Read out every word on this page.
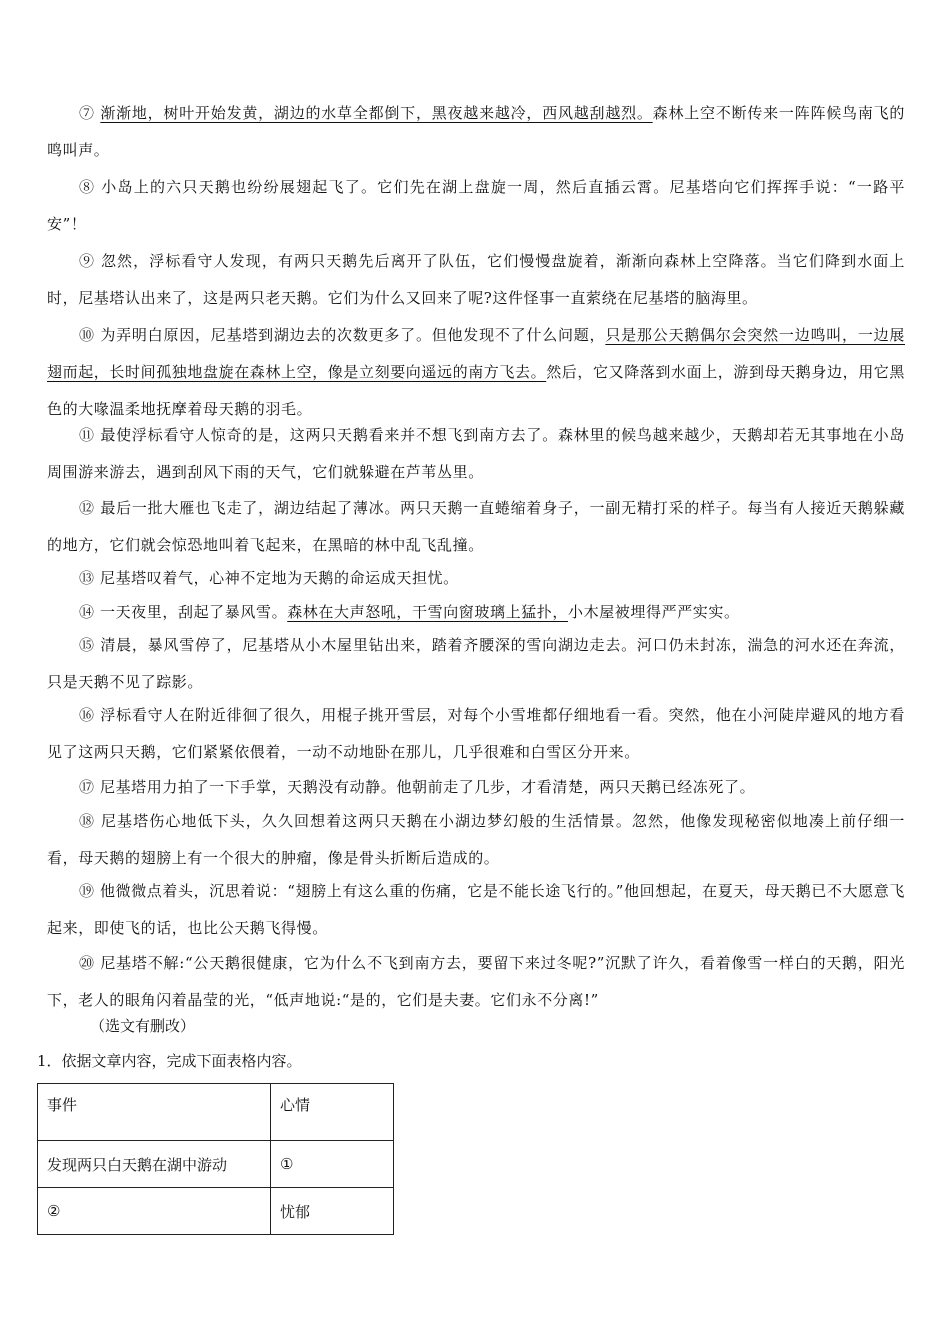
⑦ 渐渐地，树叶开始发黄，湖边的水草全都倒下，黑夜越来越冷，西风越刮越烈。森林上空不断传来一阵阵候鸟南飞的鸣叫声。

⑧ 小岛上的六只天鹅也纷纷展翅起飞了。它们先在湖上盘旋一周，然后直插云霄。尼基塔向它们挥挥手说：“一路平安”！

⑨ 忽然，浮标看守人发现，有两只天鹅先后离开了队伍，它们慢慢盘旋着，渐渐向森林上空降落。当它们降到水面上时，尼基塔认出来了，这是两只老天鹅。它们为什么又回来了呢?这件怪事一直萦绕在尼基塔的脑海里。

⑩ 为弄明白原因，尼基塔到湖边去的次数更多了。但他发现不了什么问题，只是那公天鹅偶尔会突然一边鸣叫，一边展翅而起，长时间孤独地盘旋在森林上空，像是立刻要向遥远的南方飞去。然后，它又降落到水面上，游到母天鹅身边，用它黑色的大喙温柔地抚摩着母天鹅的羽毛。

⑪ 最使浮标看守人惊奇的是，这两只天鹅看来并不想飞到南方去了。森林里的候鸟越来越少，天鹅却若无其事地在小岛周围游来游去，遇到刮风下雨的天气，它们就躲避在芦苇丛里。

⑫ 最后一批大雁也飞走了，湖边结起了薄冰。两只天鹅一直蜷缩着身子，一副无精打采的样子。每当有人接近天鹅躲藏的地方，它们就会惊恐地叫着飞起来，在黑暗的林中乱飞乱撞。

⑬ 尼基塔叹着气，心神不定地为天鹅的命运成天担忧。

⑭ 一天夜里，刮起了暴风雪。森林在大声怒吼，干雪向窗玻璃上猛扑，小木屋被埋得严严实实。

⑮ 清晨，暴风雪停了，尼基塔从小木屋里钻出来，踏着齐腰深的雪向湖边走去。河口仍未封冻，湍急的河水还在奔流，只是天鹅不见了踪影。

⑯ 浮标看守人在附近徘徊了很久，用棍子挑开雪层，对每个小雪堆都仔细地看一看。突然，他在小河陡岸避风的地方看见了这两只天鹅，它们紧紧依偎着，一动不动地卧在那儿，几乎很难和白雪区分开来。

⑰ 尼基塔用力拍了一下手掌，天鹅没有动静。他朝前走了几步，才看清楚，两只天鹅已经冻死了。

⑱ 尼基塔伤心地低下头，久久回想着这两只天鹅在小湖边梦幻般的生活情景。忽然，他像发现秘密似地凑上前仔细一看，母天鹅的翅膀上有一个很大的肿瘤，像是骨头折断后造成的。

⑲ 他微微点着头，沉思着说：“翅膀上有这么重的伤痛，它是不能长途飞行的。”他回想起，在夏天，母天鹅已不大愿意飞起来，即使飞的话，也比公天鹅飞得慢。

⑳ 尼基塔不解:“公天鹅很健康，它为什么不飞到南方去，要留下来过冬呢?”沉默了许久，看着像雪一样白的天鹅，阳光下，老人的眼角闪着晶莹的光，“低声地说:“是的，它们是夫妻。它们永不分离!”

（选文有删改）
1．依据文章内容，完成下面表格内容。
事件	心情
发现两只白天鹅在湖中游动	①
②	忧郁
